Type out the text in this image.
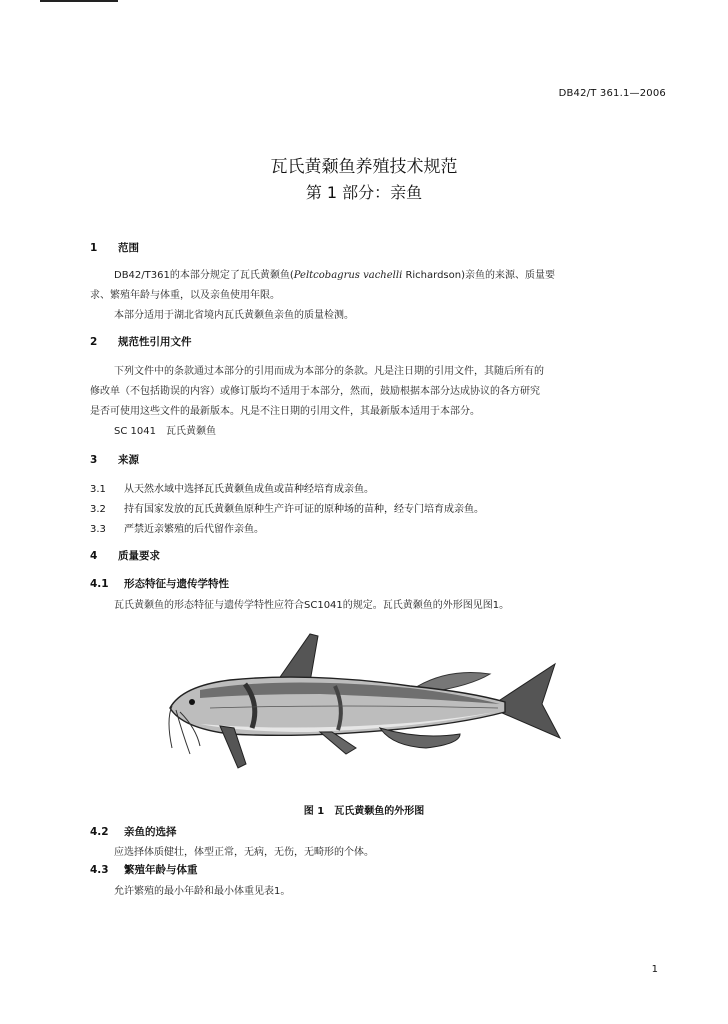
DB42/T 361.1—2006
瓦氏黄颡鱼养殖技术规范
第 1 部分：亲鱼
1 范围
DB42/T361的本部分规定了瓦氏黄颡鱼(Peltcobagrus vachelli Richardson)亲鱼的来源、质量要
求、繁殖年龄与体重，以及亲鱼使用年限。
本部分适用于湖北省境内瓦氏黄颡鱼亲鱼的质量检测。
2 规范性引用文件
下列文件中的条款通过本部分的引用而成为本部分的条款。凡是注日期的引用文件，其随后所有的
修改单（不包括勘误的内容）或修订版均不适用于本部分，然而，鼓励根据本部分达成协议的各方研究
是否可使用这些文件的最新版本。凡是不注日期的引用文件，其最新版本适用于本部分。
SC 1041　瓦氏黄颡鱼
3 来源
3.1 从天然水域中选择瓦氏黄颡鱼成鱼或苗种经培育成亲鱼。
3.2 持有国家发放的瓦氏黄颡鱼原种生产许可证的原种场的苗种，经专门培育成亲鱼。
3.3 严禁近亲繁殖的后代留作亲鱼。
4 质量要求
4.1 形态特征与遗传学特性
瓦氏黄颡鱼的形态特征与遗传学特性应符合SC1041的规定。瓦氏黄颡鱼的外形图见图1。
图 1　瓦氏黄颡鱼的外形图
4.2 亲鱼的选择
应选择体质健壮，体型正常，无病，无伤，无畸形的个体。
4.3 繁殖年龄与体重
允许繁殖的最小年龄和最小体重见表1。
1
